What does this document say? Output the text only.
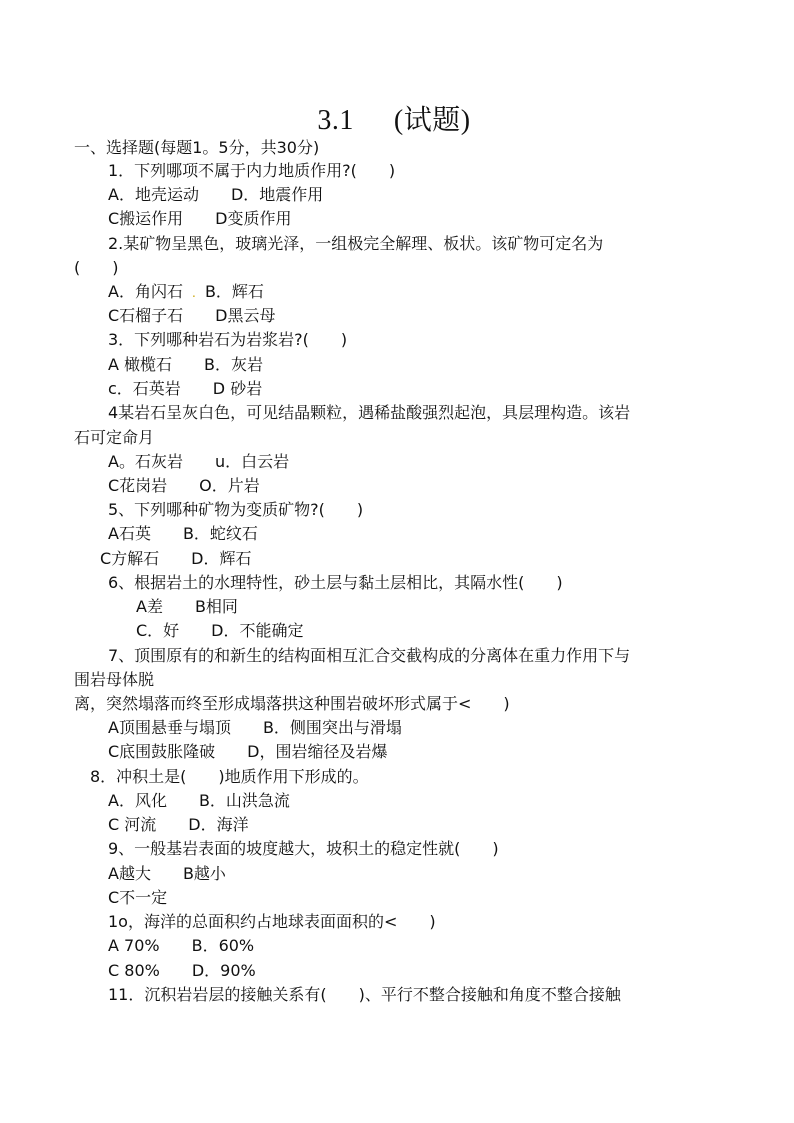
3.1 (试题)
一、选择题(每题1。5分，共30分)
1．下列哪项不属于内力地质作用?(　　)
A．地壳运动　　D．地震作用
C搬运作用　　D变质作用
2.某矿物呈黑色，玻璃光泽，一组极完全解理、板状。该矿物可定名为
(　　)
A．角闪石 . B．辉石
C石榴子石　　D黑云母
3．下列哪种岩石为岩浆岩?(　　)
A 橄榄石　　B．灰岩
c．石英岩　　D 砂岩
4某岩石呈灰白色，可见结晶颗粒，遇稀盐酸强烈起泡，具层理构造。该岩
石可定命月
A。石灰岩　　u．白云岩
C花岗岩　　O．片岩
5、下列哪种矿物为变质矿物?(　　)
A石英　　B．蛇纹石
C方解石　　D．辉石
6、根据岩土的水理特性，砂土层与黏土层相比，其隔水性(　　)
A差　　B相同
C．好　　D．不能确定
7、顶围原有的和新生的结构面相互汇合交截构成的分离体在重力作用下与
围岩母体脱
离，突然塌落而终至形成塌落拱这种围岩破坏形式属于<　　)
A顶围悬垂与塌顶　　B．侧围突出与滑塌
C底围鼓胀隆破　　D，围岩缩径及岩爆
8．冲积土是(　　)地质作用下形成的。
A．风化　　B．山洪急流
C 河流　　D．海洋
9、一般基岩表面的坡度越大，坡积土的稳定性就(　　)
A越大　　B越小
C不一定
1o，海洋的总面积约占地球表面面积的<　　)
A 70%　　B．60%
C 80%　　D．90%
11．沉积岩岩层的接触关系有(　　)、平行不整合接触和角度不整合接触
